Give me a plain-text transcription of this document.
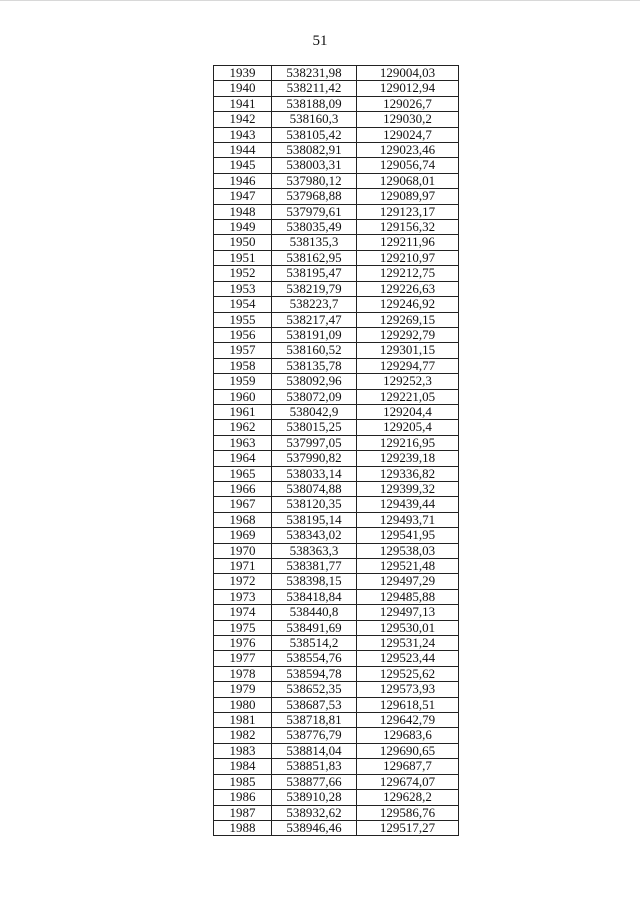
51
1939	538231,98	129004,03
1940	538211,42	129012,94
1941	538188,09	129026,7
1942	538160,3	129030,2
1943	538105,42	129024,7
1944	538082,91	129023,46
1945	538003,31	129056,74
1946	537980,12	129068,01
1947	537968,88	129089,97
1948	537979,61	129123,17
1949	538035,49	129156,32
1950	538135,3	129211,96
1951	538162,95	129210,97
1952	538195,47	129212,75
1953	538219,79	129226,63
1954	538223,7	129246,92
1955	538217,47	129269,15
1956	538191,09	129292,79
1957	538160,52	129301,15
1958	538135,78	129294,77
1959	538092,96	129252,3
1960	538072,09	129221,05
1961	538042,9	129204,4
1962	538015,25	129205,4
1963	537997,05	129216,95
1964	537990,82	129239,18
1965	538033,14	129336,82
1966	538074,88	129399,32
1967	538120,35	129439,44
1968	538195,14	129493,71
1969	538343,02	129541,95
1970	538363,3	129538,03
1971	538381,77	129521,48
1972	538398,15	129497,29
1973	538418,84	129485,88
1974	538440,8	129497,13
1975	538491,69	129530,01
1976	538514,2	129531,24
1977	538554,76	129523,44
1978	538594,78	129525,62
1979	538652,35	129573,93
1980	538687,53	129618,51
1981	538718,81	129642,79
1982	538776,79	129683,6
1983	538814,04	129690,65
1984	538851,83	129687,7
1985	538877,66	129674,07
1986	538910,28	129628,2
1987	538932,62	129586,76
1988	538946,46	129517,27
